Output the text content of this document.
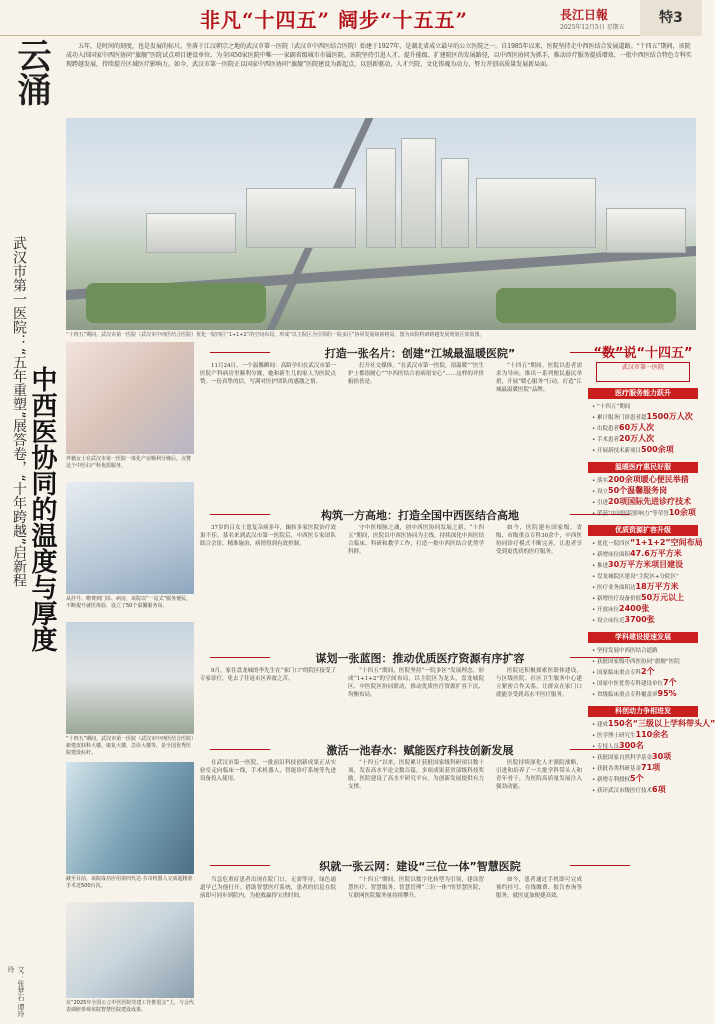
非凡“十四五” 阔步“十五五”	長江日報
2025年12月5日 星期五
特3
云涌
武汉市第一医院：“五年重塑”展答卷，“十年跨越”启新程 中西医协同的温度与厚度
文：张梦石 谭玲玲
五年，是时间的刻度，也是发展的标尺。坐落于江汉朝宗之地的武汉市第一医院（武汉市中西医结合医院）始建于1927年，是湖北省成立最早的公立医院之一。自1985年以来，医院坚持走中西医结合发展道路。“十四五”期间，该院成功入围国家中西医协同“旗舰”医院试点项目建设单位，为全国50家医院中唯一一家副省级城市市属医院。该院坚持引进人才、提升能级、扩建院区的发展路径，以中西医协同为抓手，推动诊疗服务提质增效，一批中西医结合特色专科实现跨越发展，持续提升区域医疗影响力。如今，武汉市第一医院正以国家中西医协同“旗舰”医院建设为新起点，以创新驱动、人才兴院、文化铸魂为动力，努力开创高质量发展新局面。
“十四五”期间，武汉市第一医院（武汉市中西医结合医院）优化一院四区“1+1+2”的空间布局，形成“以主院区为引领的一院多区”协同发展崭新格局。图为该院科研跨越发展规划区效果图。
外籍女士在武汉市第一医院一体化产房顺利分娩后，点赞这个中医妇产科优质服务。
从挂号、缴费到门诊、病房，该院以“一站式”服务便民，不断提升就医体验，设立了50个温馨服务岗。
“十四五”期间，武汉市第一医院（武汉市中西医结合医院）新建皮肤科大楼、康复大楼、急诊大楼等，是全国优秀医院建设标杆。
截至目前，该院成功应用第四代达·芬奇机器人完成超精准手术近500台次。
在“2025年全国公立中医医院党建工作推进会”上，与会代表调研参观该院智慧医院建设成果。
打造一张名片：创建“江城最温暖医院”

11月24日，一个温馨瞬间：高龄孕妇在武汉市第一医院产科病房里顺利分娩，她和新生儿的家人为医院点赞。一份真挚的信，写满对医护团队的感激之情。

打开社交媒体，“在武汉市第一医院，很温暖”“医生护士都很耐心”“中西医结合看病很安心”……这样的评价俯拾皆是。

“十四五”期间，医院以患者需求为导向，推出一系列便民惠民举措，开展“暖心服务”行动，打造“江城最温暖医院”品牌。

构筑一方高地：打造全国中西医结合高地

37岁的吕女士患复杂病多年，辗转多家医院治疗效果不佳。慕名来到武汉市第一医院后，中西医专家团队联合会诊，精准施治，病情得到有效控制。

守中医根脉之魂，创中西医协同发展之新。“十四五”期间，医院以中西医协同为主线，持续深化中西医结合临床、科研和教学工作，打造一批中西医结合优势学科群。

如今，医院建有国家级、省级、市级重点专科30余个，中西医协同诊疗模式不断完善，让患者享受到更优质的医疗服务。

谋划一张蓝图：推动优质医疗资源有序扩容

9月，家住盘龙城的李先生在“家门口”的院区接受了专家诊疗，免去了往返市区奔波之苦。

“十四五”期间，医院坚持“一院多区”发展理念，形成“1+1+2”的空间布局，以主院区为龙头，盘龙城院区、中医院区协同联动，推动优质医疗资源扩容下沉、均衡布局。

医院还积极探索医联体建设，与区级医院、社区卫生服务中心建立紧密合作关系，让群众在家门口就能享受到高水平医疗服务。

激活一池春水：赋能医疗科技创新发展

在武汉市第一医院，一批前沿科技创新成果正从实验室走向临床一线，手术机器人、智能诊疗系统等先进设备投入使用。

“十四五”以来，医院累计获批国家级科研项目数十项，发表高水平论文数百篇，多项成果获省部级科技奖励。医院建设了高水平研究平台，为创新发展提供有力支撑。

医院持续深化人才强院战略，引进和培养了一大批学科带头人和青年骨干，为医院高质量发展注入强劲动能。

织就一张云网：建设“三位一体”智慧医院

当急危重症患者出现在院门口，无需等待，绿色通道早已为他打开。借助智慧医疗系统，患者的信息在院前即可同步到院内，为抢救赢得宝贵时间。

“十四五”期间，医院以数字化转型为引领，建设智慧医疗、智慧服务、智慧管理“三位一体”的智慧医院，互联网医院服务量持续攀升。

如今，患者通过手机即可完成预约挂号、在线缴费、报告查询等服务，就医更加便捷高效。

“数”说“十四五”
武汉市第一医院
医疗服务能力跃升
• “十四五”期间
• 累计服务门诊患者超1500万人次
• 出院患者60万人次
• 手术患者20万人次
• 开展新技术新项目500余项
温暖医疗惠民好服
• 落实200余项暖心便民举措
• 设立50个温馨服务岗
• 引进20项国际先进诊疗技术
• 荣获“中国医院影响力”等荣誉10余项
优质资源扩容升级
• 优化一院四区“1+1+2”空间布局
• 新增床位面积47.6万平方米
• 推进30万平方米项目建设
• 盘龙城院区建设“主院区+分院区”
• 医疗业务面积达18万平方米
• 新增医疗设备价值50万元以上
• 开放床位2400张
• 设立床位近3700张
学科建设提速发展
• 坚持发展中西医结合道路
• 获批国家级中西医协同“旗舰”医院
• 国家临床重点专科2个
• 国家中医优势专科建设单位7个
• 省级临床重点专科覆盖率95%
科创动力争相进发
• 建成150名“三级以上学科带头人”
• 医学博士研究生110余名
• 专技人员300名
• 获批国家自然科学基金30项
• 获批各类科研基金71项
• 新增专利授权5个
• 获评武汉市级医疗技术6项
